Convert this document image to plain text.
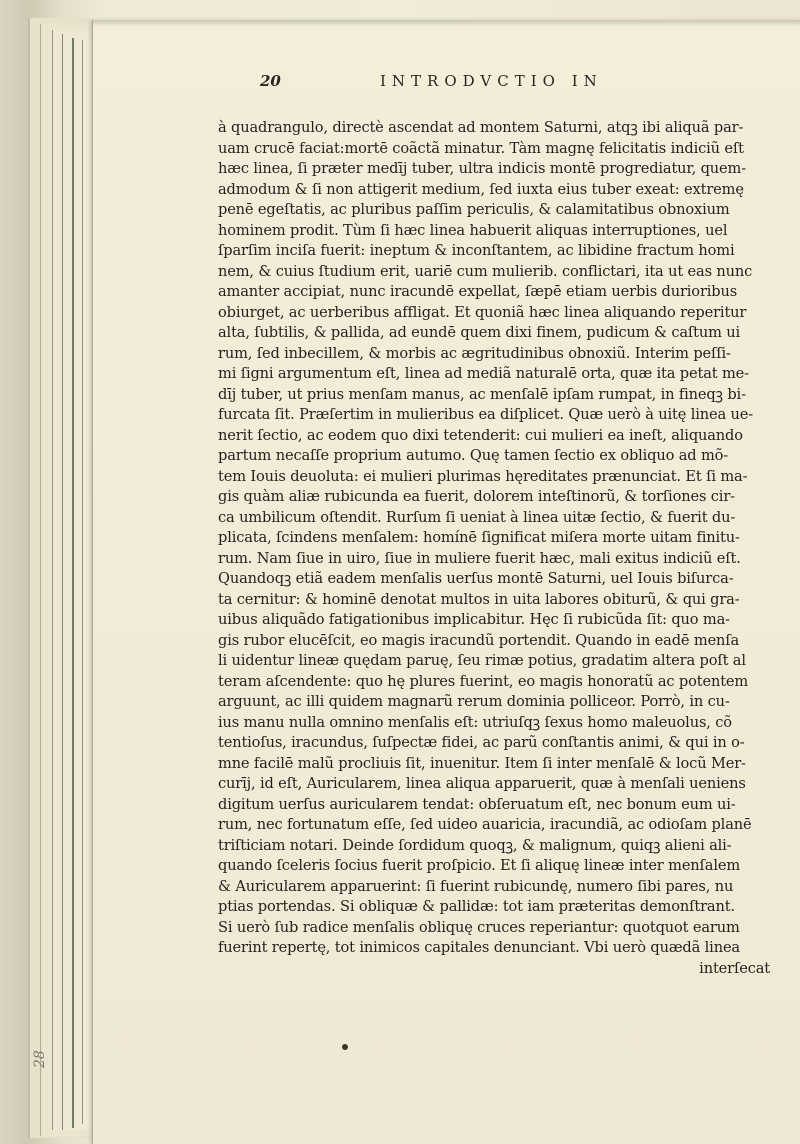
28
20	INTRODVCTIO IN
à quadrangulo, directè ascendat ad montem Saturni, atqꝫ ibi aliquã par-
uam crucē faciat:mortē coãctã minatur. Tàm magnę felicitatis indiciũ eſt
hæc linea, ſi præter medīj tuber, ultra indicis montē progrediatur, quem-
admodum & ſi non attigerit medium, ſed iuxta eius tuber exeat: extremę
penē egeſtatis, ac pluribus paſſim periculis, & calamitatibus obnoxium
hominem prodit. Tùm ſi hæc linea habuerit aliquas interruptiones, uel
ſparſim inciſa fuerit: ineptum & inconſtantem, ac libidine fractum homi
nem, & cuius ſtudium erit, uariē cum mulierib. conflictari, ita ut eas nunc
amanter accipiat, nunc iracundē expellat, ſæpē etiam uerbis durioribus
obiurget, ac uerberibus affligat. Et quoniã hæc linea aliquando reperitur
alta, ſubtilis, & pallida, ad eundē quem dixi finem, pudicum & caſtum ui
rum, ſed inbecillem, & morbis ac ægritudinibus obnoxiũ. Interim peſſi-
mi ſigni argumentum eſt, linea ad mediã naturalē orta, quæ ita petat me-
dīj tuber, ut prius menſam manus, ac menſalē ipſam rumpat, in fineqꝫ bi-
furcata ſit. Præſertim in mulieribus ea diſplicet. Quæ uerò à uitę linea ue-
nerit ſectio, ac eodem quo dixi tetenderit: cui mulieri ea ineſt, aliquando
partum necaſſe proprium autumo. Quę tamen ſectio ex obliquo ad mõ-
tem Iouis deuoluta: ei mulieri plurimas hęreditates prænunciat. Et ſi ma-
gis quàm aliæ rubicunda ea fuerit, dolorem inteſtinorũ, & torſiones cir-
ca umbilicum oſtendit. Rurſum ſi ueniat à linea uitæ ſectio, & fuerit du-
plicata, ſcindens menſalem: homínē ſignificat miſera morte uitam finitu-
rum. Nam ſiue in uiro, ſiue in muliere fuerit hæc, mali exitus indiciũ eſt.
Quandoqꝫ etiã eadem menſalis uerſus montē Saturni, uel Iouis biſurca-
ta cernitur: & hominē denotat multos in uita labores obiturũ, & qui gra-
uibus aliquãdo fatigationibus implicabitur. Hęc ſi rubicũda ſit: quo ma-
gis rubor elucēſcit, eo magis iracundũ portendit. Quando in eadē menſa
li uidentur lineæ quędam paruę, ſeu rimæ potius, gradatim altera poſt al
teram aſcendente: quo hę plures fuerint, eo magis honoratũ ac potentem
arguunt, ac illi quidem magnarũ rerum dominia polliceor. Porrò, in cu-
ius manu nulla omnino menſalis eſt: utriuſqꝫ ſexus homo maleuolus, cõ
tentioſus, iracundus, ſuſpectæ fidei, ac parũ conſtantis animi, & qui in o-
mne facilē malũ procliuis ſit, inuenitur. Item ſi inter menſalē & locũ Mer-
curīj, id eſt, Auricularem, linea aliqua apparuerit, quæ à menſali ueniens
digitum uerſus auricularem tendat: obſeruatum eſt, nec bonum eum ui-
rum, nec fortunatum eſſe, ſed uideo auaricia, iracundiã, ac odioſam planē
triſticiam notari. Deinde ſordidum quoqꝫ, & malignum, quiqꝫ alieni ali-
quando ſceleris ſocius fuerit proſpicio. Et ſi aliquę lineæ inter menſalem
& Auricularem apparuerint: ſi fuerint rubicundę, numero ſibi pares, nu
ptias portendas. Si obliquæ & pallidæ: tot iam præteritas demonſtrant.
Si uerò ſub radice menſalis obliquę cruces reperiantur: quotquot earum
fuerint repertę, tot inimicos capitales denunciant. Vbi uerò quædã linea
interſecat
